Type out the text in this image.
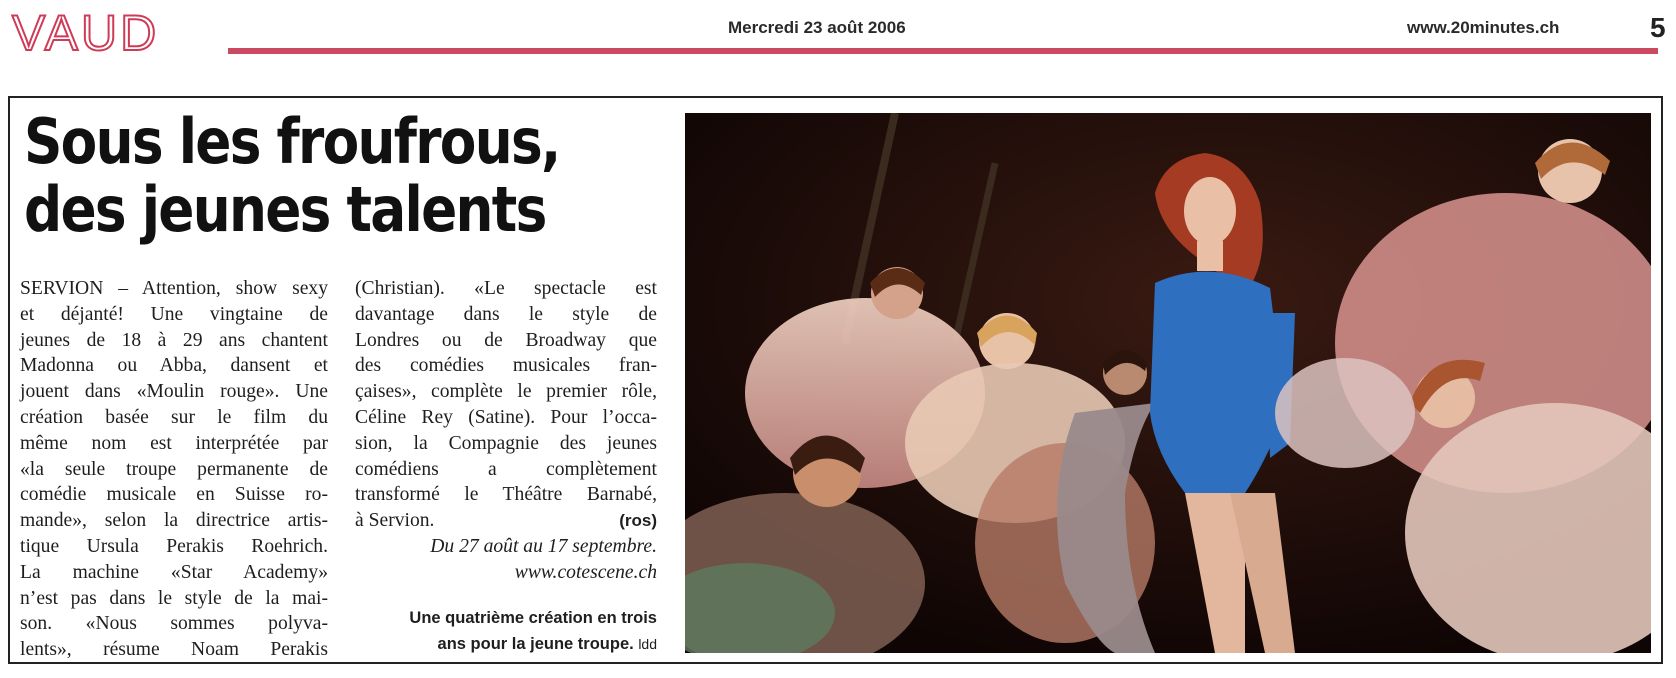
VAUD	Mercredi 23 août 2006	www.20minutes.ch	5
Sous les froufrous,
des jeunes talents

SERVION – Attention, show sexy

et déjanté! Une vingtaine de

jeunes de 18 à 29 ans chantent

Madonna ou Abba, dansent et

jouent dans «Moulin rouge». Une

création basée sur le film du

même nom est interprétée par

«la seule troupe permanente de

comédie musicale en Suisse ro-

mande», selon la directrice artis-

tique Ursula Perakis Roehrich.

La machine «Star Academy»

n’est pas dans le style de la mai-

son. «Nous sommes polyva-

lents», résume Noam Perakis

(Christian). «Le spectacle est

davantage dans le style de

Londres ou de Broadway que

des comédies musicales fran-

çaises», complète le premier rôle,

Céline Rey (Satine). Pour l’occa-

sion, la Compagnie des jeunes

comédiens a complètement

transformé le Théâtre Barnabé,

à Servion.	(ros)

Du 27 août au 17 septembre.

www.cotescene.ch

Une quatrième création en trois
ans pour la jeune troupe. ldd
